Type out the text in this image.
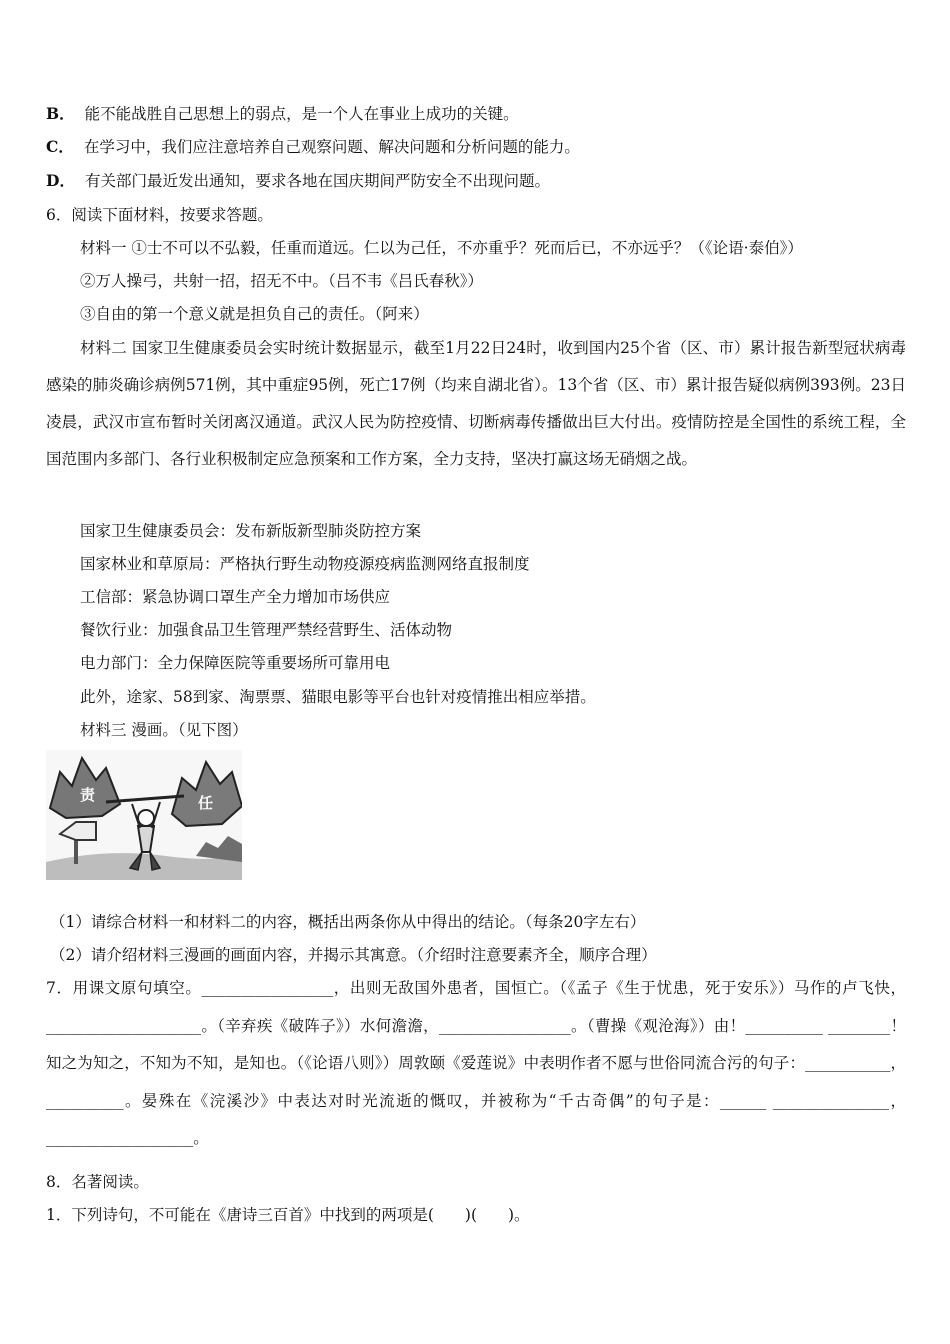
B． 能不能战胜自己思想上的弱点，是一个人在事业上成功的关键。
C． 在学习中，我们应注意培养自己观察问题、解决问题和分析问题的能力。
D． 有关部门最近发出通知，要求各地在国庆期间严防安全不出现问题。
6．阅读下面材料，按要求答题。
材料一 ①士不可以不弘毅，任重而道远。仁以为己任，不亦重乎？死而后已，不亦远乎？（《论语·泰伯》）
②万人操弓，共射一招，招无不中。（吕不韦《吕氏春秋》）
③自由的第一个意义就是担负自己的责任。（阿来）
材料二 国家卫生健康委员会实时统计数据显示，截至1月22日24时，收到国内25个省（区、市）累计报告新型冠状病毒感染的肺炎确诊病例571例，其中重症95例，死亡17例（均来自湖北省）。13个省（区、市）累计报告疑似病例393例。23日凌晨，武汉市宣布暂时关闭离汉通道。武汉人民为防控疫情、切断病毒传播做出巨大付出。疫情防控是全国性的系统工程，全国范围内多部门、各行业积极制定应急预案和工作方案，全力支持，坚决打赢这场无硝烟之战。
国家卫生健康委员会：发布新版新型肺炎防控方案
国家林业和草原局：严格执行野生动物疫源疫病监测网络直报制度
工信部：紧急协调口罩生产全力增加市场供应
餐饮行业：加强食品卫生管理严禁经营野生、活体动物
电力部门：全力保障医院等重要场所可靠用电
此外，途家、58到家、淘票票、猫眼电影等平台也针对疫情推出相应举措。
材料三 漫画。（见下图）
责	任
（1）请综合材料一和材料二的内容，概括出两条你从中得出的结论。（每条20字左右）
（2）请介绍材料三漫画的画面内容，并揭示其寓意。（介绍时注意要素齐全，顺序合理）
7．用课文原句填空。_________________，出则无敌国外患者，国恒亡。（《孟子《生于忧患，死于安乐》）马作的卢飞快，____________________。（辛弃疾《破阵子》）水何澹澹，_________________。（曹操《观沧海》）由！__________ ________！知之为知之，不知为不知，是知也。（《论语八则》）周敦颐《爱莲说》中表明作者不愿与世俗同流合污的句子：___________，__________。晏殊在《浣溪沙》中表达对时光流逝的慨叹，并被称为“千古奇偶”的句子是：______ _______________，___________________。
8．名著阅读。
1．下列诗句，不可能在《唐诗三百首》中找到的两项是(　　)(　　)。
